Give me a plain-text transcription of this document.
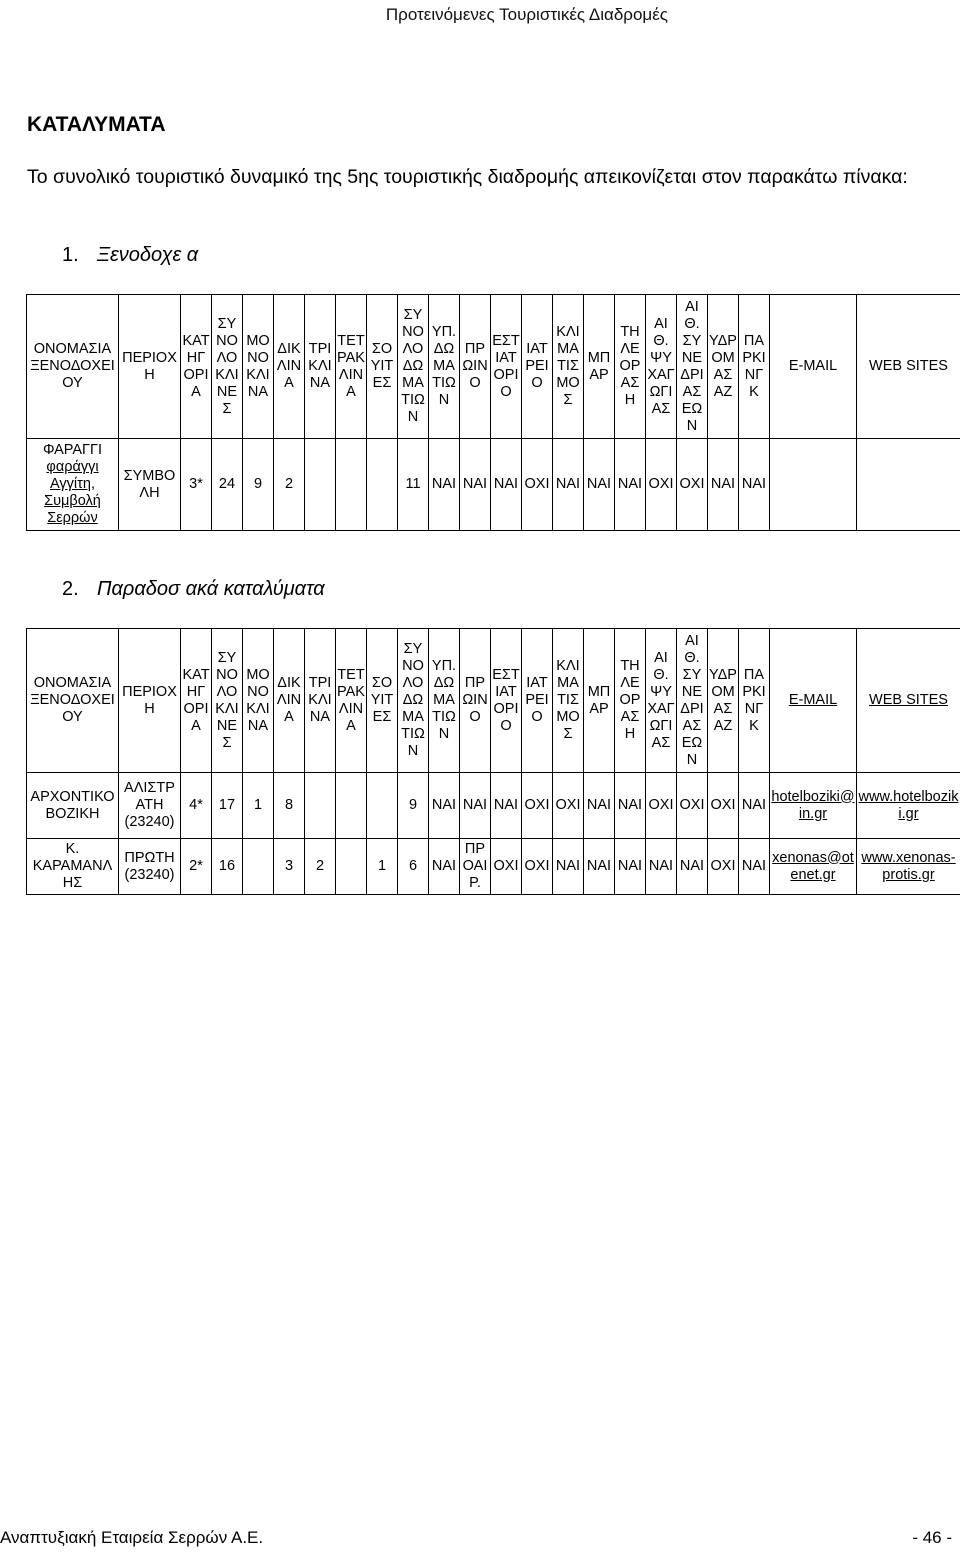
Προτεινόμενες Τουριστικές Διαδρομές
ΚΑΤΑΛΥΜΑΤΑ
Το συνολικό τουριστικό δυναμικό της 5ης τουριστικής διαδρομής απεικονίζεται στον παρακάτω πίνακα:
1. Ξενοδοχε α
ΟΝΟΜΑΣΙΑ ΞΕΝΟΔΟΧΕΙΟΥ	ΠΕΡΙΟΧΗ	ΚΑΤΗΓΟΡΙΑ	ΣΥΝΟΛΟ ΚΛΙΝΕΣ	ΜΟΝΟΚΛΙΝΑ	ΔΙΚΛΙΝΑ	ΤΡΙΚΛΙΝΑ	ΤΕΤΡΑΚΛΙΝΑ	ΣΟΥΙΤΕΣ	ΣΥΝΟΛΟ ΔΩΜΑΤΙΩΝ	ΥΠ. ΔΩΜΑΤΙΩΝ	ΠΡΩΙΝΟ	ΕΣΤΙΑΤΟΡΙΟ	ΙΑΤΡΕΙΟ	ΚΛΙΜΑΤΙΣΜΟΣ	ΜΠΑΡ	ΤΗΛΕΟΡΑΣΗ	ΑΙΘ. ΨΥΧΑΓΩΓΙΑΣ	ΑΙΘ. ΣΥΝΕΔΡΙΑΣΕΩΝ	ΥΔΡΟΜΑΣΑΖ	ΠΑΡΚΙΝΓΚ	E-MAIL	WEB SITES

ΦΑΡΑΓΓΙ
φαράγγι Αγγίτη, Συμβολή Σερρών	ΣΥΜΒΟΛΗ	3*	24	9	2				11	ΝΑΙ	ΝΑΙ	ΝΑΙ	ΟΧΙ	ΝΑΙ	ΝΑΙ	ΝΑΙ	ΟΧΙ	ΟΧΙ	ΝΑΙ	ΝΑΙ		
2. Παραδοσ ακά καταλύματα
ΟΝΟΜΑΣΙΑ ΞΕΝΟΔΟΧΕΙΟΥ	ΠΕΡΙΟΧΗ	ΚΑΤΗΓΟΡΙΑ	ΣΥΝΟΛΟ ΚΛΙΝΕΣ	ΜΟΝΟΚΛΙΝΑ	ΔΙΚΛΙΝΑ	ΤΡΙΚΛΙΝΑ	ΤΕΤΡΑΚΛΙΝΑ	ΣΟΥΙΤΕΣ	ΣΥΝΟΛΟ ΔΩΜΑΤΙΩΝ	ΥΠ. ΔΩΜΑΤΙΩΝ	ΠΡΩΙΝΟ	ΕΣΤΙΑΤΟΡΙΟ	ΙΑΤΡΕΙΟ	ΚΛΙΜΑΤΙΣΜΟΣ	ΜΠΑΡ	ΤΗΛΕΟΡΑΣΗ	ΑΙΘ. ΨΥΧΑΓΩΓΙΑΣ	ΑΙΘ. ΣΥΝΕΔΡΙΑΣΕΩΝ	ΥΔΡΟΜΑΣΑΖ	ΠΑΡΚΙΝΓΚ	E-MAIL	WEB SITES
ΑΡΧΟΝΤΙΚΟ ΒΟΖΙΚΗ	ΑΛΙΣΤΡΑΤΗ (23240)	4*	17	1	8				9	ΝΑΙ	ΝΑΙ	ΝΑΙ	ΟΧΙ	ΟΧΙ	ΝΑΙ	ΝΑΙ	ΟΧΙ	ΟΧΙ	ΟΧΙ	ΝΑΙ	hotelboziki@in.gr	www.hotelboziki.gr
Κ. ΚΑΡΑΜΑΝΛΗΣ	ΠΡΩΤΗ (23240)	2*	16		3	2		1	6	ΝΑΙ	ΠΡΟΑΙΡ.	ΟΧΙ	ΟΧΙ	ΝΑΙ	ΝΑΙ	ΝΑΙ	ΝΑΙ	ΝΑΙ	ΟΧΙ	ΝΑΙ	xenonas@otenet.gr	www.xenonas-protis.gr
Αναπτυξιακή Εταιρεία Σερρών Α.Ε.	- 46 -
